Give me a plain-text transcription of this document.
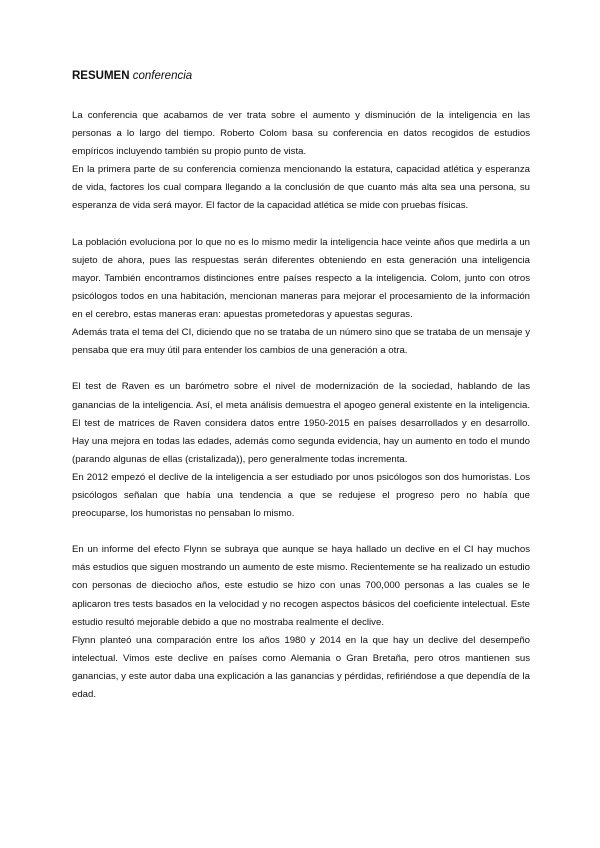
RESUMEN conferencia

La conferencia que acabamos de ver trata sobre el aumento y disminución de la inteligencia en las personas a lo largo del tiempo. Roberto Colom basa su conferencia en datos recogidos de estudios empíricos incluyendo también su propio punto de vista.

En la primera parte de su conferencia comienza mencionando la estatura, capacidad atlética y esperanza de vida, factores los cual compara llegando a la conclusión de que cuanto más alta sea una persona, su esperanza de vida será mayor. El factor de la capacidad atlética se mide con pruebas físicas.

La población evoluciona por lo que no es lo mismo medir la inteligencia hace veinte años que medirla a un sujeto de ahora, pues las respuestas serán diferentes obteniendo en esta generación una inteligencia mayor. También encontramos distinciones entre países respecto a la inteligencia. Colom, junto con otros psicólogos todos en una habitación, mencionan maneras para mejorar el procesamiento de la información en el cerebro, estas maneras eran: apuestas prometedoras y apuestas seguras.

Además trata el tema del CI, diciendo que no se trataba de un número sino que se trataba de un mensaje y pensaba que era muy útil para entender los cambios de una generación a otra.

El test de Raven es un barómetro sobre el nivel de modernización de la sociedad, hablando de las ganancias de la inteligencia. Así, el meta análisis demuestra el apogeo general existente en la inteligencia. El test de matrices de Raven considera datos entre 1950-2015 en países desarrollados y en desarrollo. Hay una mejora en todas las edades, además como segunda evidencia, hay un aumento en todo el mundo (parando algunas de ellas (cristalizada)), pero generalmente todas incrementa.

En 2012 empezó el declive de la inteligencia a ser estudiado por unos psicólogos son dos humoristas. Los psicólogos señalan que había una tendencia a que se redujese el progreso pero no había que preocuparse, los humoristas no pensaban lo mismo.

En un informe del efecto Flynn se subraya que aunque se haya hallado un declive en el CI hay muchos más estudios que siguen mostrando un aumento de este mismo. Recientemente se ha realizado un estudio con personas de dieciocho años, este estudio se hizo con unas 700,000 personas a las cuales se le aplicaron tres tests basados en la velocidad y no recogen aspectos básicos del coeficiente intelectual. Este estudio resultó mejorable debido a que no mostraba realmente el declive.

Flynn planteó una comparación entre los años 1980 y 2014 en la que hay un declive del desempeño intelectual. Vimos este declive en países como Alemania o Gran Bretaña, pero otros mantienen sus ganancias, y este autor daba una explicación a las ganancias y pérdidas, refiriéndose a que dependía de la edad.
